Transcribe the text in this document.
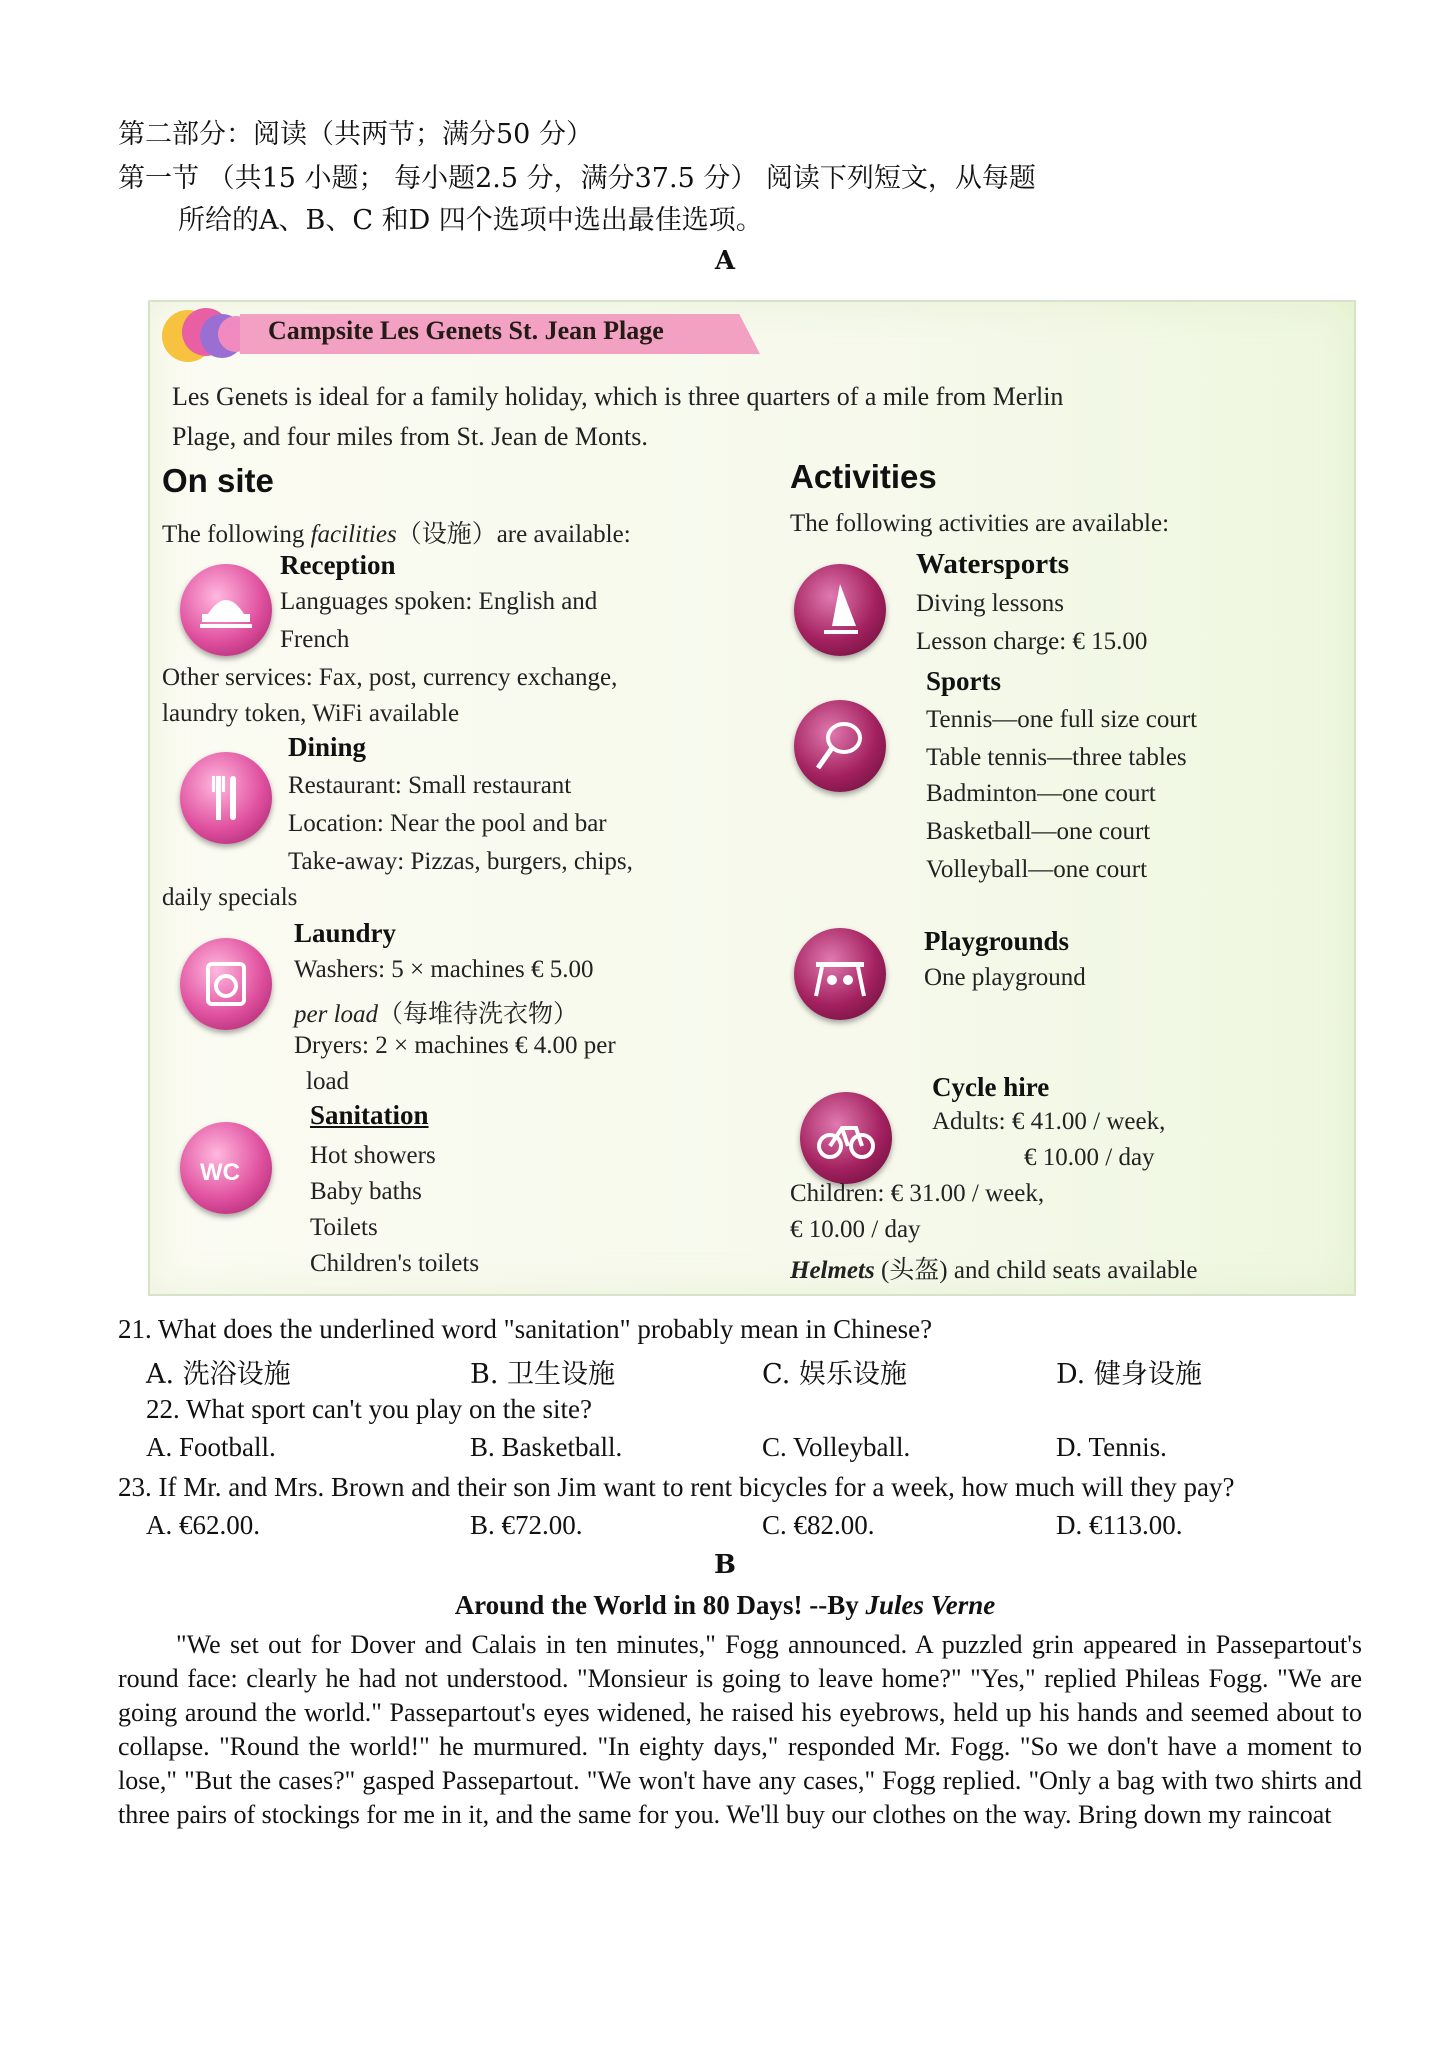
第二部分：阅读（共两节；满分50 分）
第一节 （共15 小题； 每小题2.5 分，满分37.5 分） 阅读下列短文，从每题
所给的A、B、C 和D 四个选项中选出最佳选项。
A
Campsite Les Genets St. Jean Plage
Les Genets is ideal for a family holiday, which is three quarters of a mile from Merlin
Plage, and four miles from St. Jean de Monts.
On site
The following facilities（设施）are available:
Reception
Languages spoken: English and
French
Other services: Fax, post, currency exchange,
laundry token, WiFi available
Dining
Restaurant: Small restaurant
Location: Near the pool and bar
Take-away: Pizzas, burgers, chips,
daily specials
Laundry
Washers: 5 × machines € 5.00
per load（每堆待洗衣物）
Dryers: 2 × machines € 4.00 per
load
WC
Sanitation
Hot showers
Baby baths
Toilets
Children's toilets
Activities
The following activities are available:
Watersports
Diving lessons
Lesson charge: € 15.00
Sports
Tennis—one full size court
Table tennis—three tables
Badminton—one court
Basketball—one court
Volleyball—one court
Playgrounds
One playground
Cycle hire
Adults: € 41.00 / week,
€ 10.00 / day
Children: € 31.00 / week,
€ 10.00 / day
Helmets (头盔) and child seats available
21. What does the underlined word "sanitation" probably mean in Chinese?
A. 洗浴设施	B. 卫生设施	C. 娱乐设施	D. 健身设施
22. What sport can't you play on the site?
A. Football.	B. Basketball.	C. Volleyball.	D. Tennis.
23. If Mr. and Mrs. Brown and their son Jim want to rent bicycles for a week, how much will they pay?
A. €62.00.	B. €72.00.	C. €82.00.	D. €113.00.
B
Around the World in 80 Days! --By Jules Verne
"We set out for Dover and Calais in ten minutes," Fogg announced. A puzzled grin appeared in Passepartout's round face: clearly he had not understood. "Monsieur is going to leave home?" "Yes," replied Phileas Fogg. "We are going around the world." Passepartout's eyes widened, he raised his eyebrows, held up his hands and seemed about to collapse. "Round the world!" he murmured. "In eighty days," responded Mr. Fogg. "So we don't have a moment to lose," "But the cases?" gasped Passepartout. "We won't have any cases," Fogg replied. "Only a bag with two shirts and three pairs of stockings for me in it, and the same for you. We'll buy our clothes on the way. Bring down my raincoat
